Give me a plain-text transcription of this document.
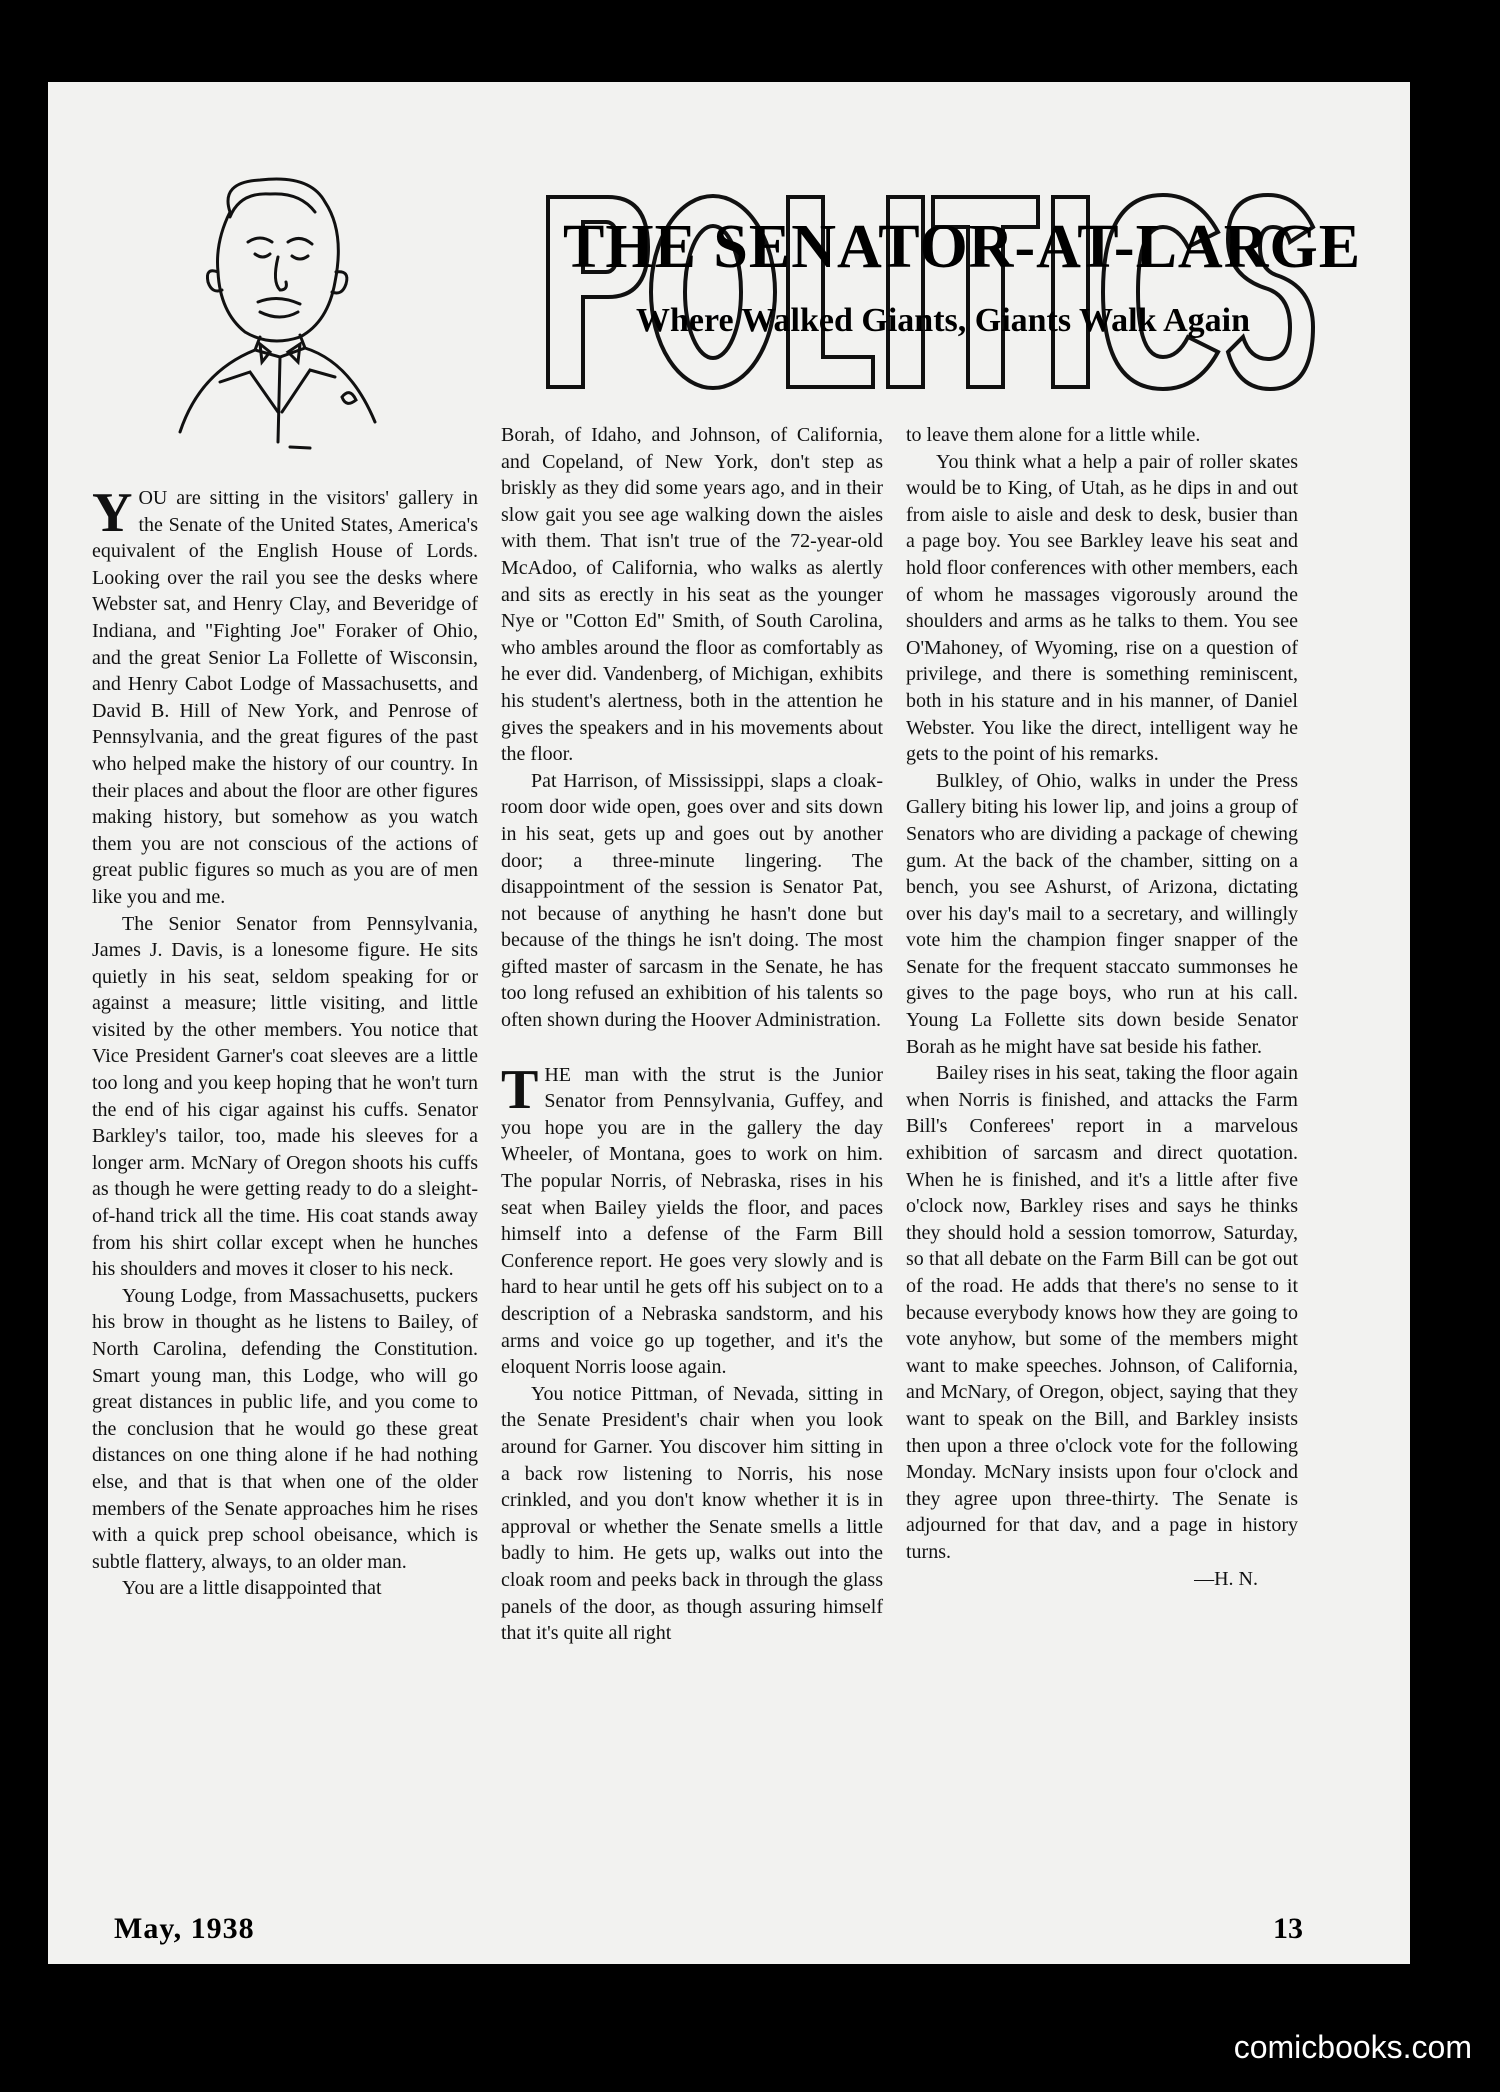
THE SENATOR-AT-LARGE
Where Walked Giants, Giants Walk Again

YOU are sitting in the visitors' gallery in the Senate of the United States, America's equivalent of the English House of Lords. Looking over the rail you see the desks where Webster sat, and Henry Clay, and Beveridge of Indiana, and "Fighting Joe" Foraker of Ohio, and the great Senior La Follette of Wisconsin, and Henry Cabot Lodge of Massachusetts, and David B. Hill of New York, and Penrose of Pennsylvania, and the great figures of the past who helped make the history of our country. In their places and about the floor are other figures making history, but somehow as you watch them you are not conscious of the actions of great public figures so much as you are of men like you and me.

The Senior Senator from Pennsylvania, James J. Davis, is a lonesome figure. He sits quietly in his seat, seldom speaking for or against a measure; little visiting, and little visited by the other members. You notice that Vice President Garner's coat sleeves are a little too long and you keep hoping that he won't turn the end of his cigar against his cuffs. Senator Barkley's tailor, too, made his sleeves for a longer arm. McNary of Oregon shoots his cuffs as though he were getting ready to do a sleight-of-hand trick all the time. His coat stands away from his shirt collar except when he hunches his shoulders and moves it closer to his neck.

Young Lodge, from Massachusetts, puckers his brow in thought as he listens to Bailey, of North Carolina, defending the Constitution. Smart young man, this Lodge, who will go great distances in public life, and you come to the conclusion that he would go these great distances on one thing alone if he had nothing else, and that is that when one of the older members of the Senate approaches him he rises with a quick prep school obeisance, which is subtle flattery, always, to an older man.

You are a little disappointed that

Borah, of Idaho, and Johnson, of California, and Copeland, of New York, don't step as briskly as they did some years ago, and in their slow gait you see age walking down the aisles with them. That isn't true of the 72-year-old McAdoo, of California, who walks as alertly and sits as erectly in his seat as the younger Nye or "Cotton Ed" Smith, of South Carolina, who ambles around the floor as comfortably as he ever did. Vandenberg, of Michigan, exhibits his student's alertness, both in the attention he gives the speakers and in his movements about the floor.

Pat Harrison, of Mississippi, slaps a cloak-room door wide open, goes over and sits down in his seat, gets up and goes out by another door; a three-minute lingering. The disappointment of the session is Senator Pat, not because of anything he hasn't done but because of the things he isn't doing. The most gifted master of sarcasm in the Senate, he has too long refused an exhibition of his talents so often shown during the Hoover Administration.

THE man with the strut is the Junior Senator from Pennsylvania, Guffey, and you hope you are in the gallery the day Wheeler, of Montana, goes to work on him. The popular Norris, of Nebraska, rises in his seat when Bailey yields the floor, and paces himself into a defense of the Farm Bill Conference report. He goes very slowly and is hard to hear until he gets off his subject on to a description of a Nebraska sandstorm, and his arms and voice go up together, and it's the eloquent Norris loose again.

You notice Pittman, of Nevada, sitting in the Senate President's chair when you look around for Garner. You discover him sitting in a back row listening to Norris, his nose crinkled, and you don't know whether it is in approval or whether the Senate smells a little badly to him. He gets up, walks out into the cloak room and peeks back in through the glass panels of the door, as though assuring himself that it's quite all right

to leave them alone for a little while.

You think what a help a pair of roller skates would be to King, of Utah, as he dips in and out from aisle to aisle and desk to desk, busier than a page boy. You see Barkley leave his seat and hold floor conferences with other members, each of whom he massages vigorously around the shoulders and arms as he talks to them. You see O'Mahoney, of Wyoming, rise on a question of privilege, and there is something reminiscent, both in his stature and in his manner, of Daniel Webster. You like the direct, intelligent way he gets to the point of his remarks.

Bulkley, of Ohio, walks in under the Press Gallery biting his lower lip, and joins a group of Senators who are dividing a package of chewing gum. At the back of the chamber, sitting on a bench, you see Ashurst, of Arizona, dictating over his day's mail to a secretary, and willingly vote him the champion finger snapper of the Senate for the frequent staccato summonses he gives to the page boys, who run at his call. Young La Follette sits down beside Senator Borah as he might have sat beside his father.

Bailey rises in his seat, taking the floor again when Norris is finished, and attacks the Farm Bill's Conferees' report in a marvelous exhibition of sarcasm and direct quotation. When he is finished, and it's a little after five o'clock now, Barkley rises and says he thinks they should hold a session tomorrow, Saturday, so that all debate on the Farm Bill can be got out of the road. He adds that there's no sense to it because everybody knows how they are going to vote anyhow, but some of the members might want to make speeches. Johnson, of California, and McNary, of Oregon, object, saying that they want to speak on the Bill, and Barkley insists then upon a three o'clock vote for the following Monday. McNary insists upon four o'clock and they agree upon three-thirty. The Senate is adjourned for that dav, and a page in history turns.

—H. N.

May, 1938	13
comicbooks.com
